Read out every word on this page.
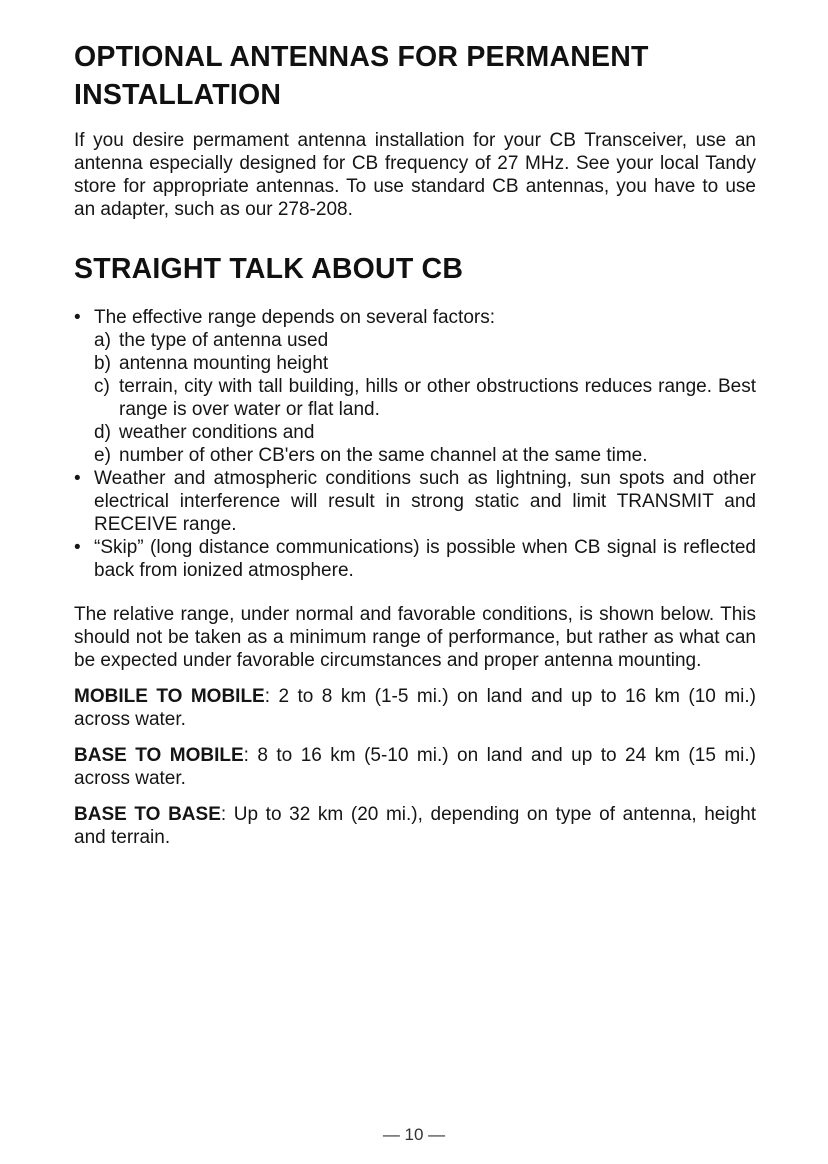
OPTIONAL ANTENNAS FOR PERMANENT
INSTALLATION

If you desire permament antenna installation for your CB Transceiver, use an antenna especially designed for CB frequency of 27 MHz. See your local Tandy store for appropriate antennas. To use standard CB antennas, you have to use an adapter, such as our 278-208.

STRAIGHT TALK ABOUT CB
• The effective range depends on several factors:
a) the type of antenna used
b) antenna mounting height
c) terrain, city with tall building, hills or other obstructions reduces range. Best range is over water or flat land.
d) weather conditions and
e) number of other CB'ers on the same channel at the same time.
• Weather and atmospheric conditions such as lightning, sun spots and other electrical interference will result in strong static and limit TRANSMIT and RECEIVE range.
• “Skip” (long distance communications) is possible when CB signal is reflected back from ionized atmosphere.

The relative range, under normal and favorable conditions, is shown below. This should not be taken as a minimum range of performance, but rather as what can be expected under favorable circumstances and proper antenna mounting.

MOBILE TO MOBILE: 2 to 8 km (1-5 mi.) on land and up to 16 km (10 mi.) across water.

BASE TO MOBILE: 8 to 16 km (5-10 mi.) on land and up to 24 km (15 mi.) across water.

BASE TO BASE: Up to 32 km (20 mi.), depending on type of antenna, height and terrain.

— 10 —
